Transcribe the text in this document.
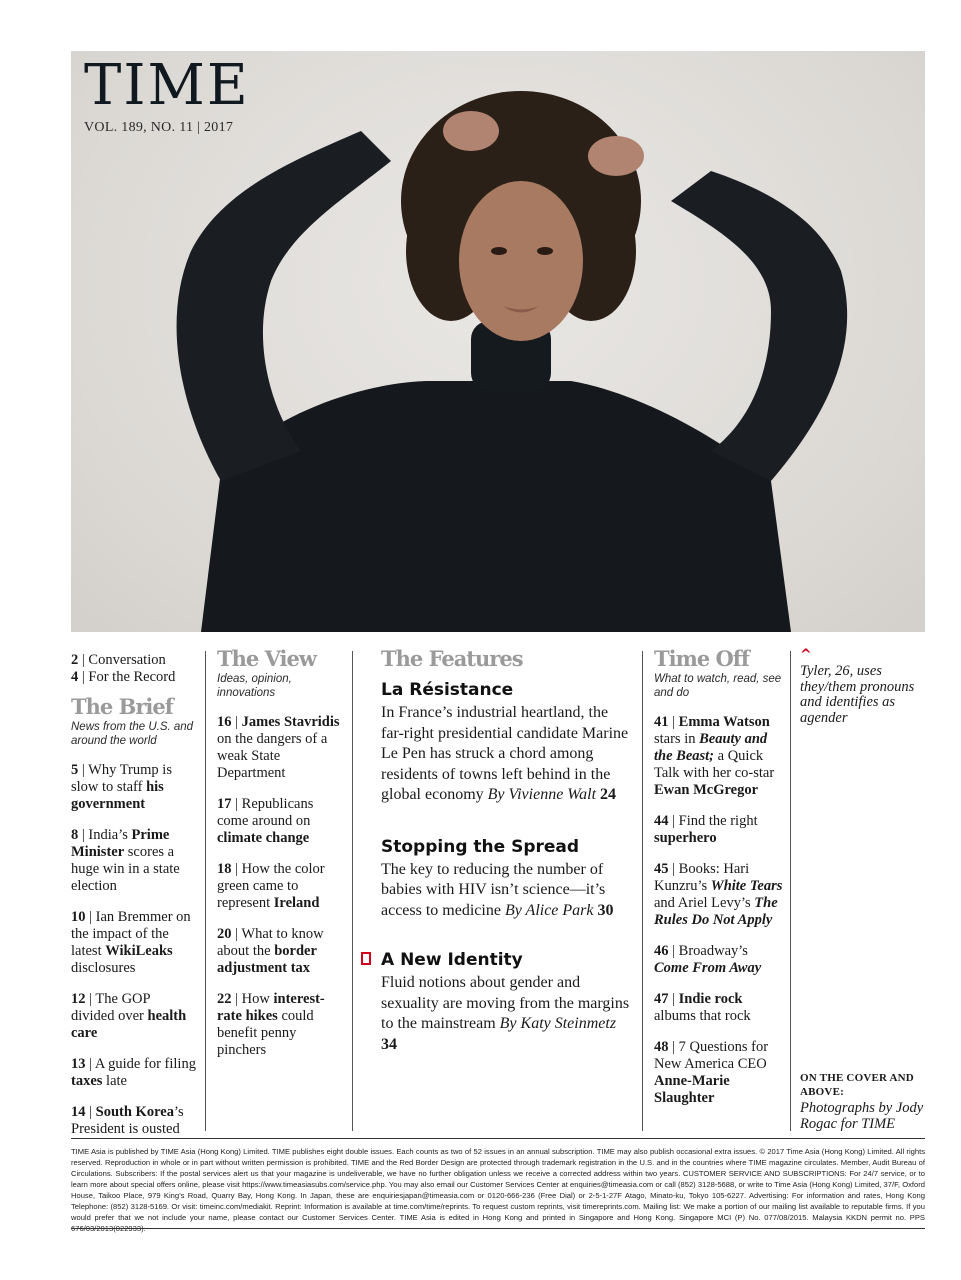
TIME
VOL. 189, NO. 11 | 2017
2 | Conversation
4 | For the Record
The Brief
News from the U.S. and around the world
5 | Why Trump is slow to staff his government
8 | India’s Prime Minister scores a huge win in a state election
10 | Ian Bremmer on the impact of the latest WikiLeaks disclosures
12 | The GOP divided over health care
13 | A guide for filing taxes late
14 | South Korea’s President is ousted
The View
Ideas, opinion, innovations
16 | James Stavridis on the dangers of a weak State Department
17 | Republicans come around on climate change
18 | How the color green came to represent Ireland
20 | What to know about the border adjustment tax
22 | How interest-rate hikes could benefit penny pinchers
The Features
La Résistance
In France’s industrial heartland, the far-right presidential candidate Marine Le Pen has struck a chord among residents of towns left behind in the global economy By Vivienne Walt 24
Stopping the Spread
The key to reducing the number of babies with HIV isn’t science—it’s access to medicine By Alice Park 30
A New Identity
Fluid notions about gender and sexuality are moving from the margins to the mainstream By Katy Steinmetz 34
Time Off
What to watch, read, see and do
41 | Emma Watson stars in Beauty and the Beast; a Quick Talk with her co-star Ewan McGregor
44 | Find the right superhero
45 | Books: Hari Kunzru’s White Tears and Ariel Levy’s The Rules Do Not Apply
46 | Broadway’s Come From Away
47 | Indie rock albums that rock
48 | 7 Questions for New America CEO Anne-Marie Slaughter
^
Tyler, 26, uses they/them pronouns and identifies as agender
ON THE COVER AND ABOVE:
Photographs by Jody Rogac for TIME
TIME Asia is published by TIME Asia (Hong Kong) Limited. TIME publishes eight double issues. Each counts as two of 52 issues in an annual subscription. TIME may also publish occasional extra issues. © 2017 Time Asia (Hong Kong) Limited. All rights reserved. Reproduction in whole or in part without written permission is prohibited. TIME and the Red Border Design are protected through trademark registration in the U.S. and in the countries where TIME magazine circulates. Member, Audit Bureau of Circulations. Subscribers: If the postal services alert us that your magazine is undeliverable, we have no further obligation unless we receive a corrected address within two years. CUSTOMER SERVICE AND SUBSCRIPTIONS: For 24/7 service, or to learn more about special offers online, please visit https://www.timeasiasubs.com/service.php. You may also email our Customer Services Center at enquiries@timeasia.com or call (852) 3128-5688, or write to Time Asia (Hong Kong) Limited, 37/F, Oxford House, Taikoo Place, 979 King’s Road, Quarry Bay, Hong Kong. In Japan, these are enquiriesjapan@timeasia.com or 0120-666-236 (Free Dial) or 2-5-1-27F Atago, Minato-ku, Tokyo 105-6227. Advertising: For information and rates, Hong Kong Telephone: (852) 3128-5169. Or visit: timeinc.com/mediakit. Reprint: Information is available at time.com/time/reprints. To request custom reprints, visit timereprints.com. Mailing list: We make a portion of our mailing list available to reputable firms. If you would prefer that we not include your name, please contact our Customer Services Center. TIME Asia is edited in Hong Kong and printed in Singapore and Hong Kong. Singapore MCI (P) No. 077/08/2015. Malaysia KKDN permit no. PPS
